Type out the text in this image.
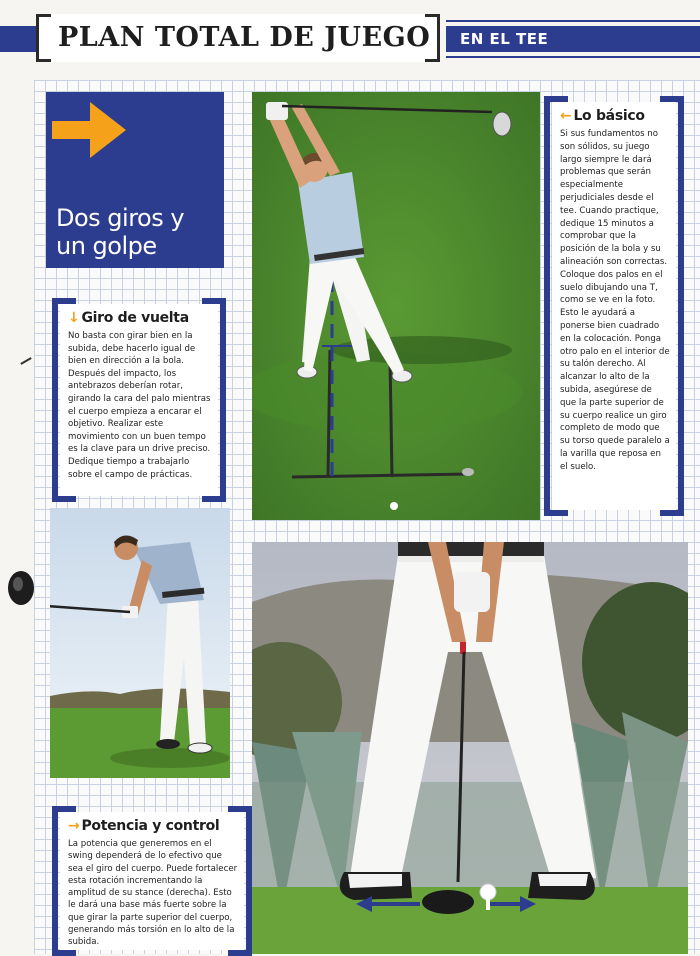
PLAN TOTAL DE JUEGO	EN EL TEE
Dos giros y
un golpe
↓ Giro de vuelta

No basta con girar bien en la subida, debe hacerlo igual de bien en dirección a la bola. Después del impacto, los antebrazos deberían rotar, girando la cara del palo mientras el cuerpo empieza a encarar el objetivo. Realizar este movimiento con un buen tempo es la clave para un drive preciso. Dedique tiempo a trabajarlo sobre el campo de prácticas.

← Lo básico

Si sus fundamentos no son sólidos, su juego largo siempre le dará problemas que serán especialmente perjudiciales desde el tee. Cuando practique, dedique 15 minutos a comprobar que la posición de la bola y su alineación son correctas. Coloque dos palos en el suelo dibujando una T, como se ve en la foto. Esto le ayudará a ponerse bien cuadrado en la colocación. Ponga otro palo en el interior de su talón derecho. Al alcanzar lo alto de la subida, asegúrese de que la parte superior de su cuerpo realice un giro completo de modo que su torso quede paralelo a la varilla que reposa en el suelo.

→ Potencia y control

La potencia que generemos en el swing dependerá de lo efectivo que sea el giro del cuerpo. Puede fortalecer esta rotación incrementando la amplitud de su stance (derecha). Esto le dará una base más fuerte sobre la que girar la parte superior del cuerpo, generando más torsión en lo alto de la subida.
